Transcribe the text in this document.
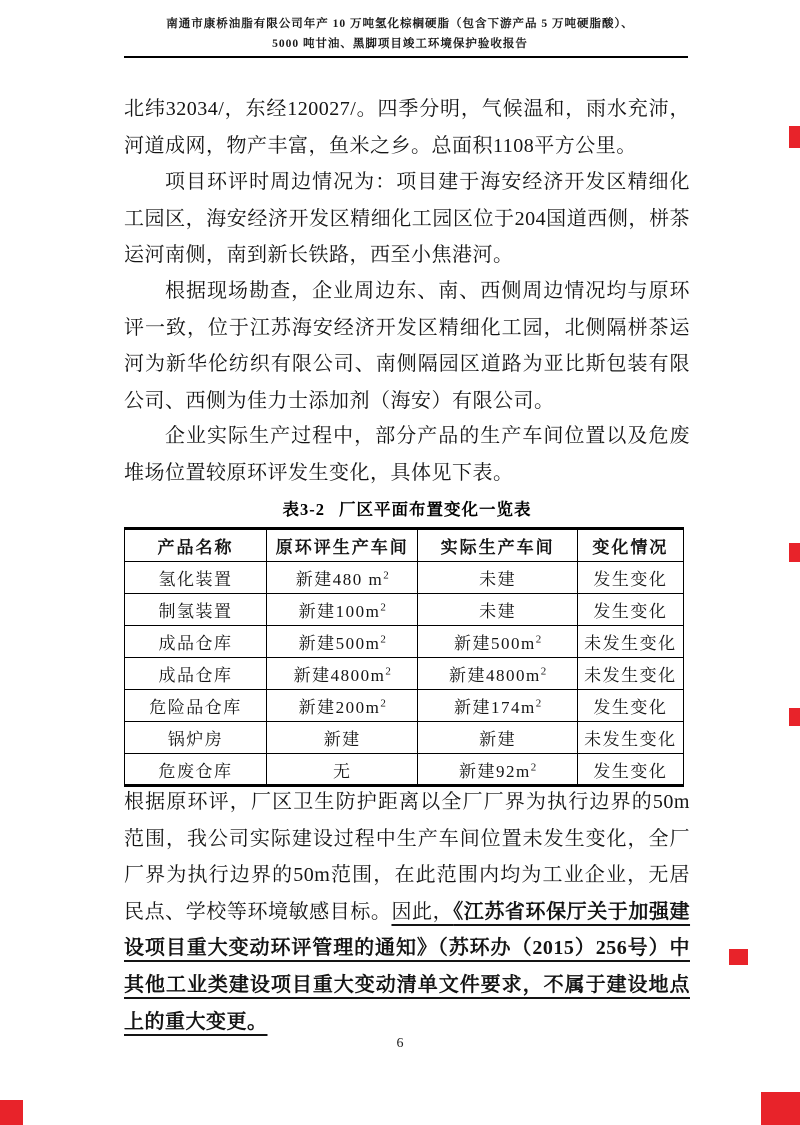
南通市康桥油脂有限公司年产 10 万吨氢化棕榈硬脂（包含下游产品 5 万吨硬脂酸）、
5000 吨甘油、黑脚项目竣工环境保护验收报告
北纬32034/，东经120027/。四季分明，气候温和，雨水充沛，河道成网，物产丰富，鱼米之乡。总面积1108平方公里。
项目环评时周边情况为：项目建于海安经济开发区精细化工园区，海安经济开发区精细化工园区位于204国道西侧，栟茶运河南侧，南到新长铁路，西至小焦港河。
根据现场勘查，企业周边东、南、西侧周边情况均与原环评一致，位于江苏海安经济开发区精细化工园，北侧隔栟茶运河为新华伦纺织有限公司、南侧隔园区道路为亚比斯包装有限公司、西侧为佳力士添加剂（海安）有限公司。
企业实际生产过程中，部分产品的生产车间位置以及危废堆场位置较原环评发生变化，具体见下表。
表3-2 厂区平面布置变化一览表
产品名称	原环评生产车间	实际生产车间	变化情况
氢化装置	新建480 $m^2$	未建	发生变化
制氢装置	新建$100m^2$	未建	发生变化
成品仓库	新建$500m^2$	新建$500m^2$	未发生变化
成品仓库	新建$4800m^2$	新建$4800m^2$	未发生变化
危险品仓库	新建$200m^2$	新建$174m^2$	发生变化
锅炉房	新建	新建	未发生变化
危废仓库	无	新建$92m^2$	发生变化
根据原环评，厂区卫生防护距离以全厂厂界为执行边界的50m范围，我公司实际建设过程中生产车间位置未发生变化，全厂厂界为执行边界的50m范围，在此范围内均为工业企业，无居民点、学校等环境敏感目标。因此，《江苏省环保厅关于加强建设项目重大变动环评管理的通知》（苏环办（2015）256号）中其他工业类建设项目重大变动清单文件要求，不属于建设地点上的重大变更。
6
